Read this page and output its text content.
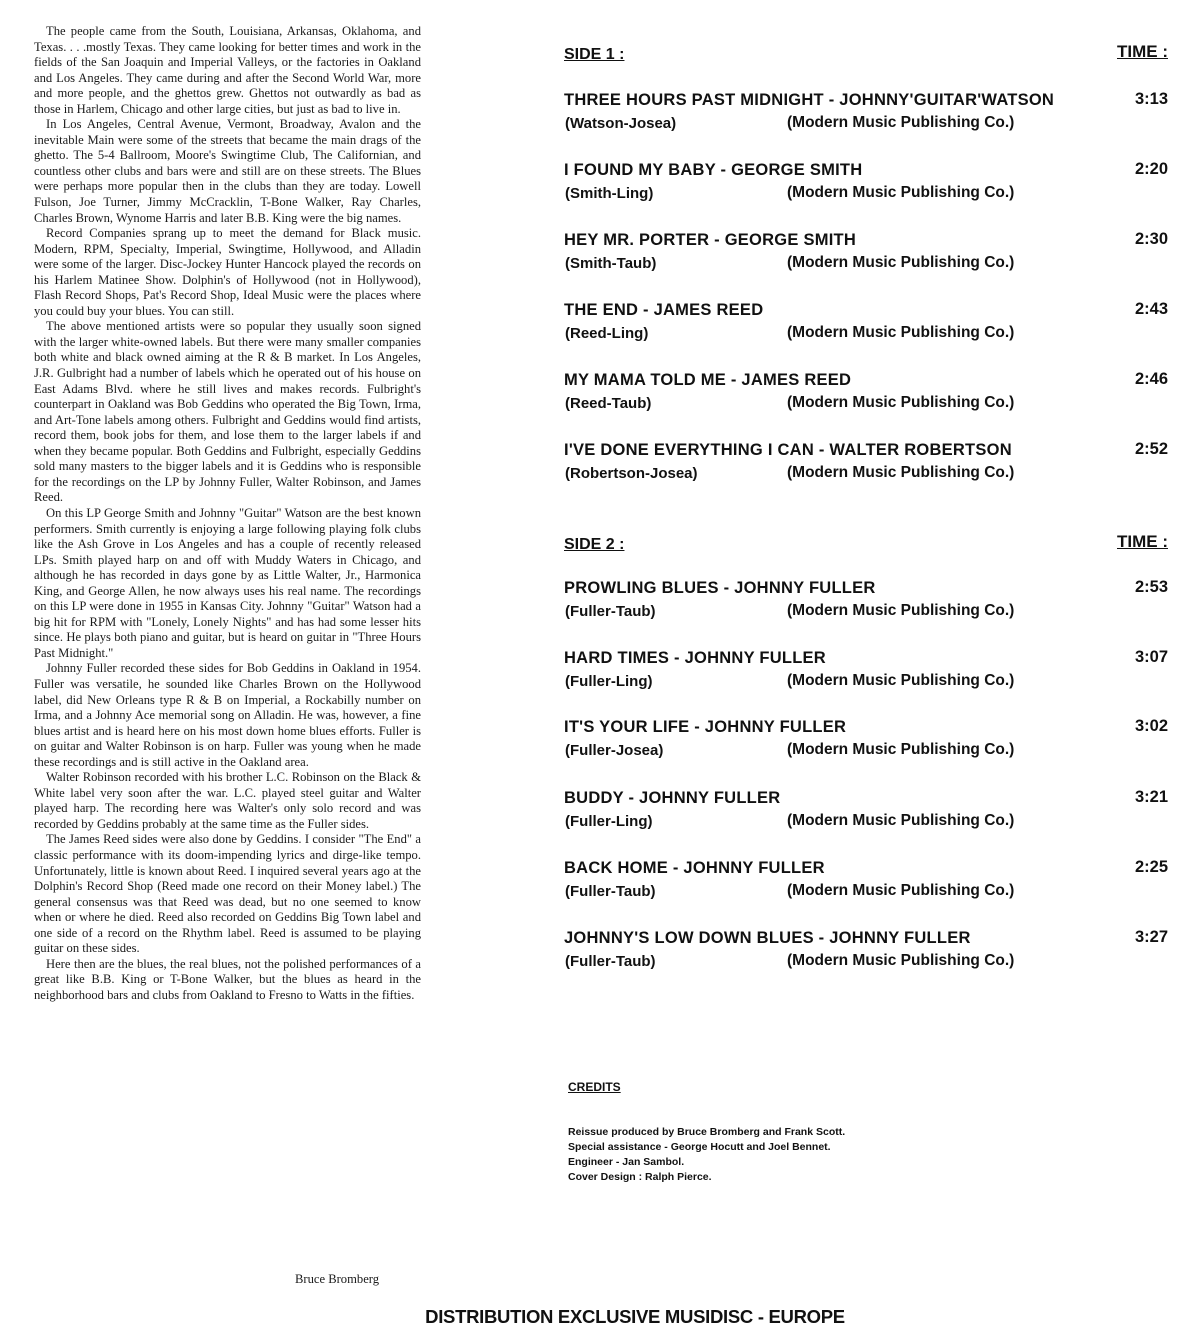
The people came from the South, Louisiana, Arkansas, Oklahoma, and Texas. . . .mostly Texas. They came looking for better times and work in the fields of the San Joaquin and Imperial Valleys, or the factories in Oakland and Los Angeles. They came during and after the Second World War, more and more people, and the ghettos grew. Ghettos not outwardly as bad as those in Harlem, Chicago and other large cities, but just as bad to live in.

In Los Angeles, Central Avenue, Vermont, Broadway, Avalon and the inevitable Main were some of the streets that became the main drags of the ghetto. The 5-4 Ballroom, Moore's Swingtime Club, The Californian, and countless other clubs and bars were and still are on these streets. The Blues were perhaps more popular then in the clubs than they are today. Lowell Fulson, Joe Turner, Jimmy McCracklin, T-Bone Walker, Ray Charles, Charles Brown, Wynome Harris and later B.B. King were the big names.

Record Companies sprang up to meet the demand for Black music. Modern, RPM, Specialty, Imperial, Swingtime, Hollywood, and Alladin were some of the larger. Disc-Jockey Hunter Hancock played the records on his Harlem Matinee Show. Dolphin's of Hollywood (not in Hollywood), Flash Record Shops, Pat's Record Shop, Ideal Music were the places where you could buy your blues. You can still.

The above mentioned artists were so popular they usually soon signed with the larger white-owned labels. But there were many smaller companies both white and black owned aiming at the R & B market. In Los Angeles, J.R. Gulbright had a number of labels which he operated out of his house on East Adams Blvd. where he still lives and makes records. Fulbright's counterpart in Oakland was Bob Geddins who operated the Big Town, Irma, and Art-Tone labels among others. Fulbright and Geddins would find artists, record them, book jobs for them, and lose them to the larger labels if and when they became popular. Both Geddins and Fulbright, especially Geddins sold many masters to the bigger labels and it is Geddins who is responsible for the recordings on the LP by Johnny Fuller, Walter Robinson, and James Reed.

On this LP George Smith and Johnny "Guitar" Watson are the best known performers. Smith currently is enjoying a large following playing folk clubs like the Ash Grove in Los Angeles and has a couple of recently released LPs. Smith played harp on and off with Muddy Waters in Chicago, and although he has recorded in days gone by as Little Walter, Jr., Harmonica King, and George Allen, he now always uses his real name. The recordings on this LP were done in 1955 in Kansas City. Johnny "Guitar" Watson had a big hit for RPM with "Lonely, Lonely Nights" and has had some lesser hits since. He plays both piano and guitar, but is heard on guitar in "Three Hours Past Midnight."

Johnny Fuller recorded these sides for Bob Geddins in Oakland in 1954. Fuller was versatile, he sounded like Charles Brown on the Hollywood label, did New Orleans type R & B on Imperial, a Rockabilly number on Irma, and a Johnny Ace memorial song on Alladin. He was, however, a fine blues artist and is heard here on his most down home blues efforts. Fuller is on guitar and Walter Robinson is on harp. Fuller was young when he made these recordings and is still active in the Oakland area.

Walter Robinson recorded with his brother L.C. Robinson on the Black & White label very soon after the war. L.C. played steel guitar and Walter played harp. The recording here was Walter's only solo record and was recorded by Geddins probably at the same time as the Fuller sides.

The James Reed sides were also done by Geddins. I consider "The End" a classic performance with its doom-impending lyrics and dirge-like tempo. Unfortunately, little is known about Reed. I inquired several years ago at the Dolphin's Record Shop (Reed made one record on their Money label.) The general consensus was that Reed was dead, but no one seemed to know when or where he died. Reed also recorded on Geddins Big Town label and one side of a record on the Rhythm label. Reed is assumed to be playing guitar on these sides.

Here then are the blues, the real blues, not the polished performances of a great like B.B. King or T-Bone Walker, but the blues as heard in the neighborhood bars and clubs from Oakland to Fresno to Watts in the fifties.

Bruce Bromberg
SIDE 1 :	TIME :
THREE HOURS PAST MIDNIGHT - JOHNNY'GUITAR'WATSON	3:13
(Watson-Josea)	(Modern Music Publishing Co.)
I FOUND MY BABY - GEORGE SMITH	2:20
(Smith-Ling)	(Modern Music Publishing Co.)
HEY MR. PORTER - GEORGE SMITH	2:30
(Smith-Taub)	(Modern Music Publishing Co.)
THE END - JAMES REED	2:43
(Reed-Ling)	(Modern Music Publishing Co.)
MY MAMA TOLD ME - JAMES REED	2:46
(Reed-Taub)	(Modern Music Publishing Co.)
I'VE DONE EVERYTHING I CAN - WALTER ROBERTSON	2:52
(Robertson-Josea)	(Modern Music Publishing Co.)
SIDE 2 :	TIME :
PROWLING BLUES - JOHNNY FULLER	2:53
(Fuller-Taub)	(Modern Music Publishing Co.)
HARD TIMES - JOHNNY FULLER	3:07
(Fuller-Ling)	(Modern Music Publishing Co.)
IT'S YOUR LIFE - JOHNNY FULLER	3:02
(Fuller-Josea)	(Modern Music Publishing Co.)
BUDDY - JOHNNY FULLER	3:21
(Fuller-Ling)	(Modern Music Publishing Co.)
BACK HOME - JOHNNY FULLER	2:25
(Fuller-Taub)	(Modern Music Publishing Co.)
JOHNNY'S LOW DOWN BLUES - JOHNNY FULLER	3:27
(Fuller-Taub)	(Modern Music Publishing Co.)
CREDITS
Reissue produced by Bruce Bromberg and Frank Scott.
Special assistance - George Hocutt and Joel Bennet.
Engineer - Jan Sambol.
Cover Design : Ralph Pierce.
DISTRIBUTION EXCLUSIVE MUSIDISC - EUROPE
